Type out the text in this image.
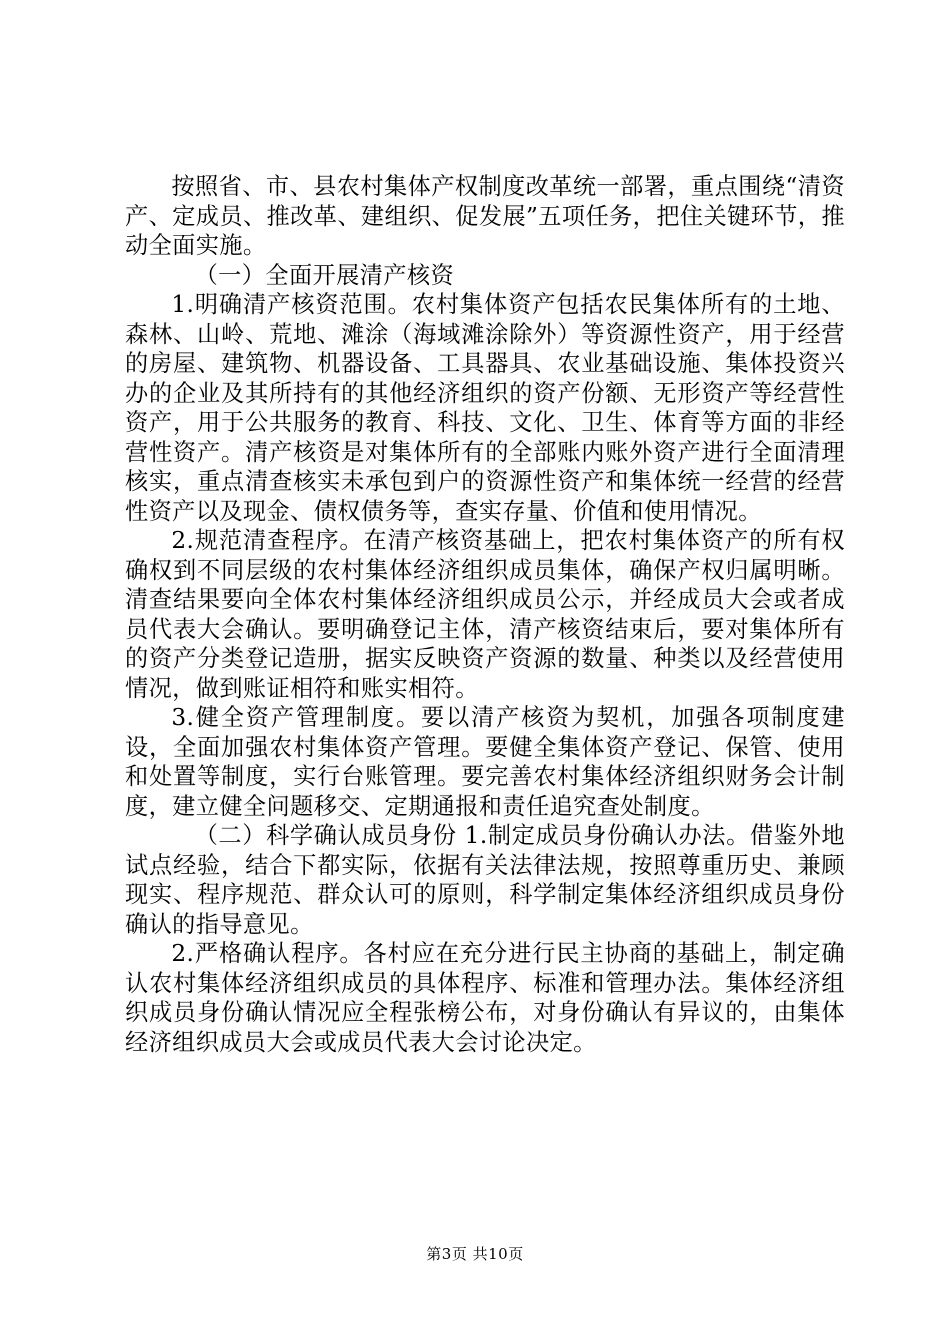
按照省、市、县农村集体产权制度改革统一部署，重点围绕“清资产、定成员、推改革、建组织、促发展”五项任务，把住关键环节，推动全面实施。

（一）全面开展清产核资

1.明确清产核资范围。农村集体资产包括农民集体所有的土地、森林、山岭、荒地、滩涂（海域滩涂除外）等资源性资产，用于经营的房屋、建筑物、机器设备、工具器具、农业基础设施、集体投资兴办的企业及其所持有的其他经济组织的资产份额、无形资产等经营性资产，用于公共服务的教育、科技、文化、卫生、体育等方面的非经营性资产。清产核资是对集体所有的全部账内账外资产进行全面清理核实，重点清查核实未承包到户的资源性资产和集体统一经营的经营性资产以及现金、债权债务等，查实存量、价值和使用情况。

2.规范清查程序。在清产核资基础上，把农村集体资产的所有权确权到不同层级的农村集体经济组织成员集体，确保产权归属明晰。清查结果要向全体农村集体经济组织成员公示，并经成员大会或者成员代表大会确认。要明确登记主体，清产核资结束后，要对集体所有的资产分类登记造册，据实反映资产资源的数量、种类以及经营使用情况，做到账证相符和账实相符。

3.健全资产管理制度。要以清产核资为契机，加强各项制度建设，全面加强农村集体资产管理。要健全集体资产登记、保管、使用和处置等制度，实行台账管理。要完善农村集体经济组织财务会计制度，建立健全问题移交、定期通报和责任追究查处制度。

（二）科学确认成员身份 1.制定成员身份确认办法。借鉴外地试点经验，结合下都实际，依据有关法律法规，按照尊重历史、兼顾现实、程序规范、群众认可的原则，科学制定集体经济组织成员身份确认的指导意见。

2.严格确认程序。各村应在充分进行民主协商的基础上，制定确认农村集体经济组织成员的具体程序、标准和管理办法。集体经济组织成员身份确认情况应全程张榜公布，对身份确认有异议的，由集体经济组织成员大会或成员代表大会讨论决定。

第3页 共10页
